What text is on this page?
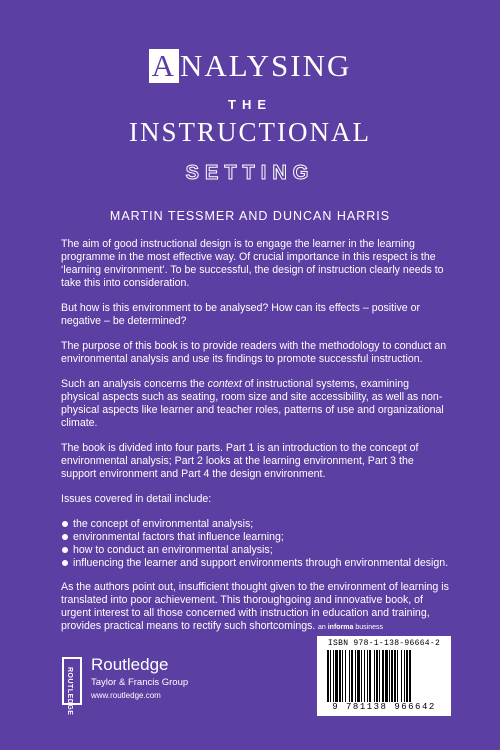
A NALYSING
THE
INSTRUCTIONAL
SETTING
MARTIN TESSMER AND DUNCAN HARRIS

The aim of good instructional design is to engage the learner in the learning programme in the most effective way. Of crucial importance in this respect is the ‘learning environment’. To be successful, the design of instruction clearly needs to take this into consideration.

But how is this environment to be analysed? How can its effects – positive or negative – be determined?

The purpose of this book is to provide readers with the methodology to conduct an environmental analysis and use its findings to promote successful instruction.

Such an analysis concerns the context of instructional systems, examining physical aspects such as seating, room size and site accessibility, as well as non-physical aspects like learner and teacher roles, patterns of use and organizational climate.

The book is divided into four parts. Part 1 is an introduction to the concept of environmental analysis; Part 2 looks at the learning environment, Part 3 the support environment and Part 4 the design environment.

Issues covered in detail include:

the concept of environmental analysis;
environmental factors that influence learning;
how to conduct an environmental analysis;
influencing the learner and support environments through environmental design.

As the authors point out, insufficient thought given to the environment of learning is translated into poor achievement. This thoroughgoing and innovative book, of urgent interest to all those concerned with instruction in education and training, provides practical means to rectify such shortcomings. an informa business
ROUTLEDGE
Routledge
Taylor & Francis Group
www.routledge.com
ISBN 978-1-138-96664-2
9 781138 966642
